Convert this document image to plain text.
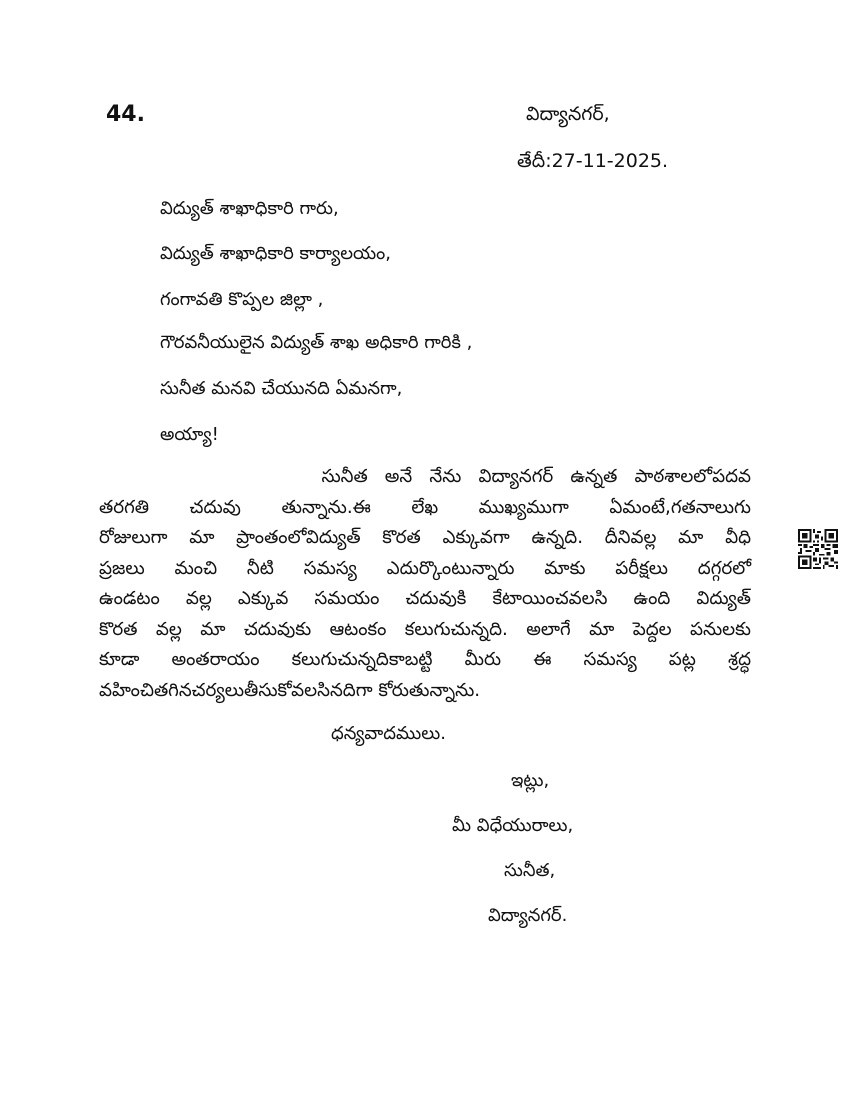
44.	విద్యానగర్,
తేదీ:27-11-2025.
విద్యుత్ శాఖాధికారి గారు,
విద్యుత్ శాఖాధికారి కార్యాలయం,
గంగావతి కొప్పల జిల్లా ,
గౌరవనీయులైన విద్యుత్ శాఖ అధికారి గారికి ,
సునీత మనవి చేయునది ఏమనగా,
అయ్యా!

సునీత అనే నేను విద్యానగర్ ఉన్నత పాఠశాలలోపదవ
తరగతి చదువు తున్నాను.ఈ లేఖ ముఖ్యముగా ఏమంటే,గతనాలుగు
రోజులుగా మా ప్రాంతంలోవిద్యుత్ కొరత ఎక్కువగా ఉన్నది. దీనివల్ల మా వీధి
ప్రజలు మంచి నీటి సమస్య ఎదుర్కొంటున్నారు మాకు పరీక్షలు దగ్గరలో
ఉండటం వల్ల ఎక్కువ సమయం చదువుకి కేటాయించవలసి ఉంది విద్యుత్
కొరత వల్ల మా చదువుకు ఆటంకం కలుగుచున్నది. అలాగే మా పెద్దల పనులకు
కూడా అంతరాయం కలుగుచున్నదికాబట్టి మీరు ఈ సమస్య పట్ల శ్రద్ధ
వహించితగినచర్యలుతీసుకోవలసినదిగా కోరుతున్నాను.

ధన్యవాదములు.
ఇట్లు,
మీ విధేయురాలు,
సునీత,
విద్యానగర్.
